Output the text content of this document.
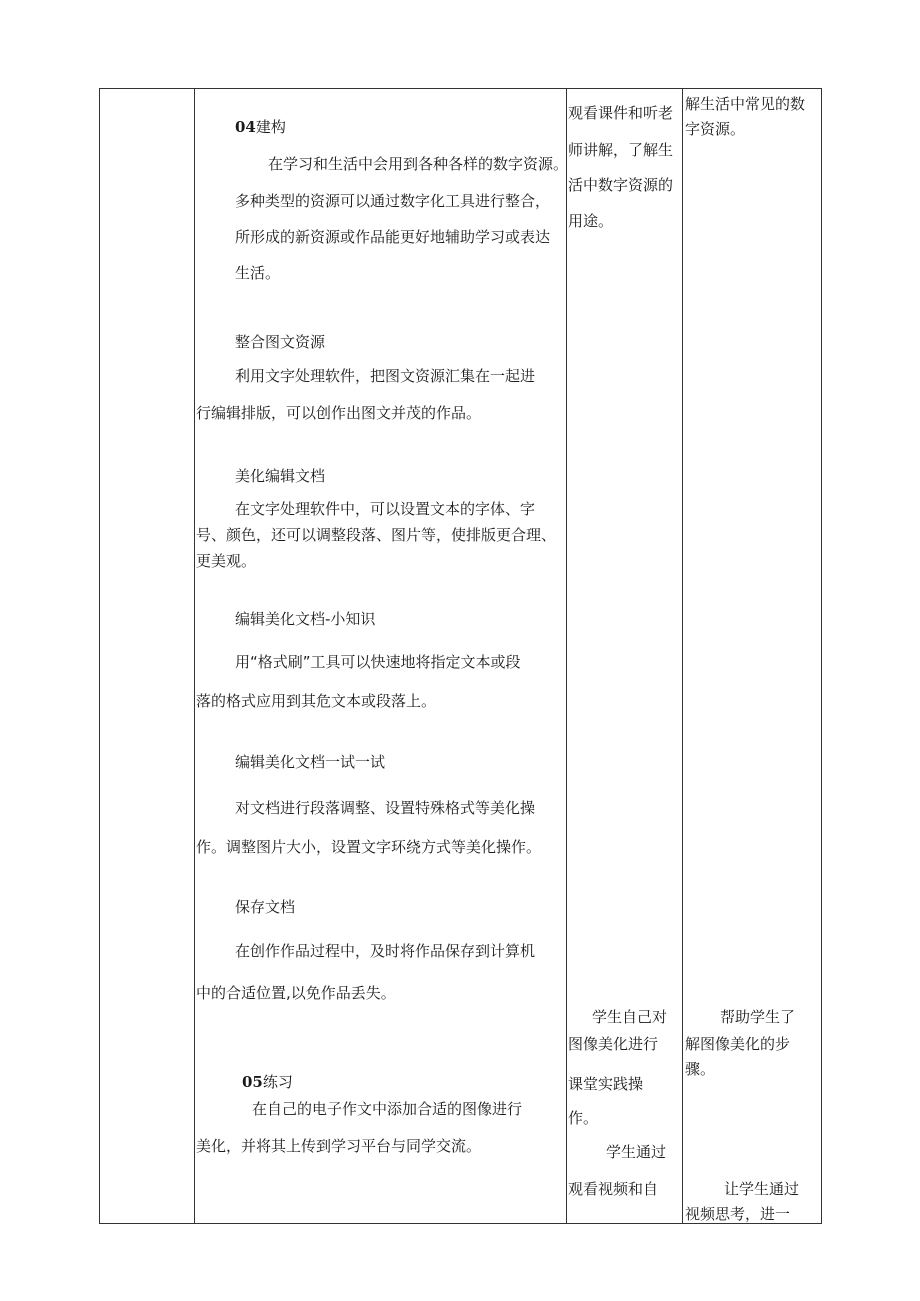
04建构
在学习和生活中会用到各种各样的数字资源。
多种类型的资源可以通过数字化工具进行整合，
所形成的新资源或作品能更好地辅助学习或表达
生活。
整合图文资源
利用文字处理软件，把图文资源汇集在一起进
行编辑排版，可以创作出图文并茂的作品。
美化编辑文档
在文字处理软件中，可以设置文本的字体、字
号、颜色，还可以调整段落、图片等，使排版更合理、
更美观。
编辑美化文档-小知识
用“格式刷”工具可以快速地将指定文本或段
落的格式应用到其危文本或段落上。
编辑美化文档一试一试
对文档进行段落调整、设置特殊格式等美化操
作。调整图片大小，设置文字环绕方式等美化操作。
保存文档
在创作作品过程中，及时将作品保存到计算机
中的合适位置,以免作品丢失。
05练习
在自己的电子作文中添加合适的图像进行
美化，并将其上传到学习平台与同学交流。
观看课件和听老
师讲解，了解生
活中数字资源的
用途。
学生自己对
图像美化进行
课堂实践操
作。
学生通过
观看视频和自
解生活中常见的数
字资源。
帮助学生了
解图像美化的步
骤。
让学生通过
视频思考，进一
